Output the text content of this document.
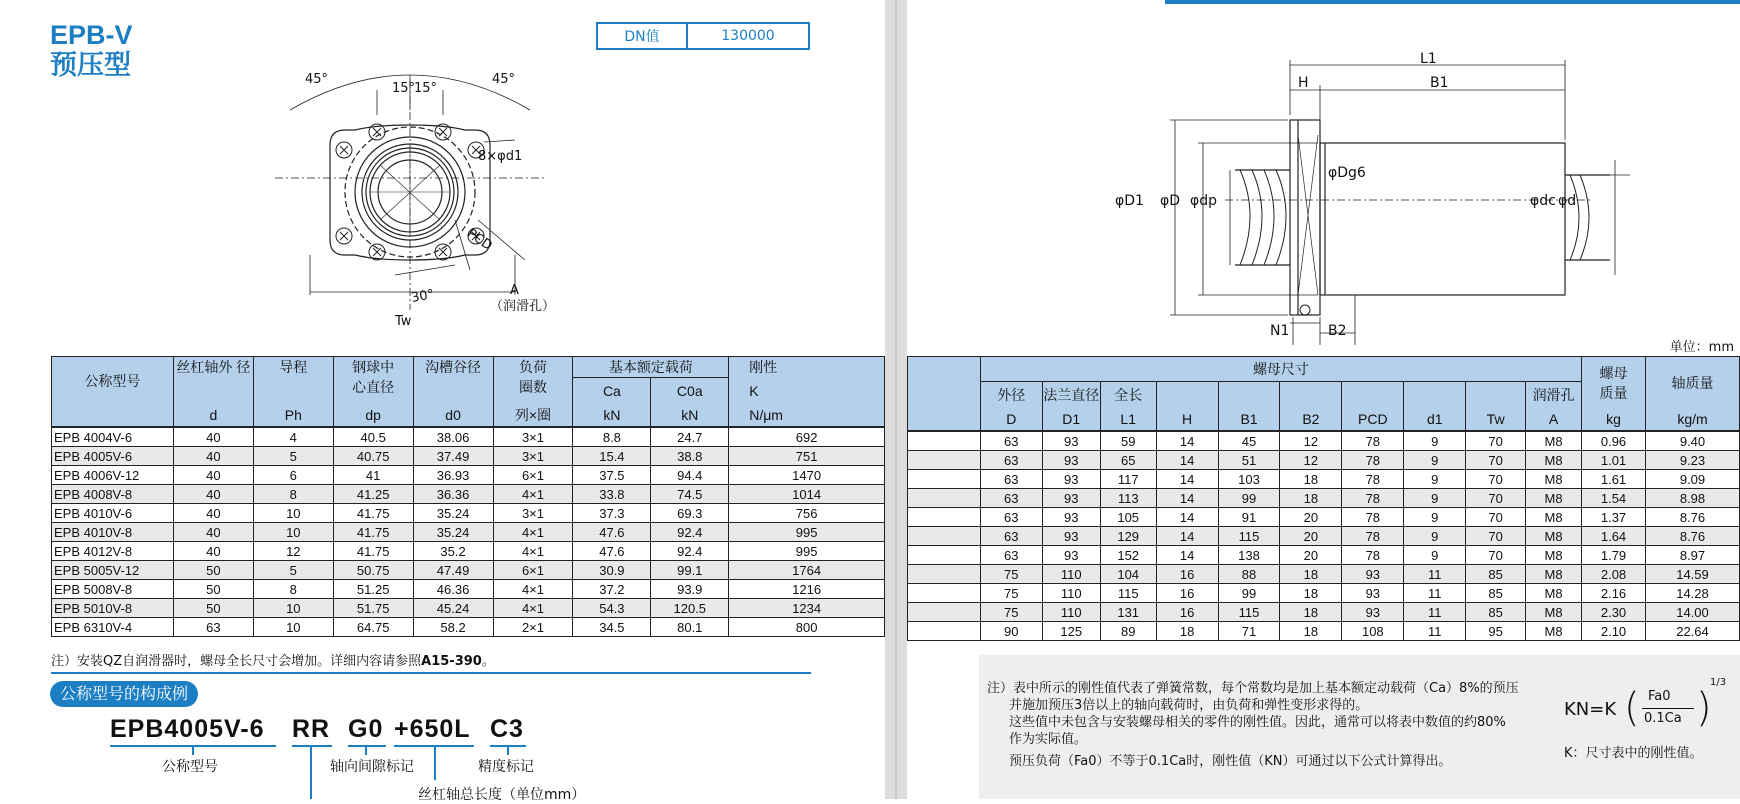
EPB-V
预压型
DN值	130000
45°
15°
15°
45°
8×φd1
PCD
30°	A
（润滑孔）
Tw
公称型号	丝杠轴外 径	导程	钢球中心直径	沟槽谷径	负荷圈数	基本额定载荷		刚性
						Ca	C0a	K
	d	Ph	dp	d0	列×圈	kN	kN	N/μm
EPB 4004V-6	40	4	40.5	38.06	3×1	8.8	24.7	692
EPB 4005V-6	40	5	40.75	37.49	3×1	15.4	38.8	751
EPB 4006V-12	40	6	41	36.93	6×1	37.5	94.4	1470
EPB 4008V-8	40	8	41.25	36.36	4×1	33.8	74.5	1014
EPB 4010V-6	40	10	41.75	35.24	3×1	37.3	69.3	756
EPB 4010V-8	40	10	41.75	35.24	4×1	47.6	92.4	995
EPB 4012V-8	40	12	41.75	35.2	4×1	47.6	92.4	995
EPB 5005V-12	50	5	50.75	47.49	6×1	30.9	99.1	1764
EPB 5008V-8	50	8	51.25	46.36	4×1	37.2	93.9	1216
EPB 5010V-8	50	10	51.75	45.24	4×1	54.3	120.5	1234
EPB 6310V-4	63	10	64.75	58.2	2×1	34.5	80.1	800
注）安装QZ自润滑器时，螺母全长尺寸会增加。详细内容请参照A15-390。
公称型号的构成例
EPB4005V-6 RR G0 +650L C3
公称型号	轴向间隙标记	精度标记
丝杠轴总长度（单位mm）
L1
H	B1
φD1 φD φdp
φDg6
φdc φd
N1	B2
单位：mm
	螺母尺寸										螺母质量	轴质量
	外径	法兰直径	全长							润滑孔		
	D	D1	L1	H	B1	B2	PCD	d1	Tw	A	kg	kg/m
	63	93	59	14	45	12	78	9	70	M8	0.96	9.40
	63	93	65	14	51	12	78	9	70	M8	1.01	9.23
	63	93	117	14	103	18	78	9	70	M8	1.61	9.09
	63	93	113	14	99	18	78	9	70	M8	1.54	8.98
	63	93	105	14	91	20	78	9	70	M8	1.37	8.76
	63	93	129	14	115	20	78	9	70	M8	1.64	8.76
	63	93	152	14	138	20	78	9	70	M8	1.79	8.97
	75	110	104	16	88	18	93	11	85	M8	2.08	14.59
	75	110	115	16	99	18	93	11	85	M8	2.16	14.28
	75	110	131	16	115	18	93	11	85	M8	2.30	14.00
	90	125	89	18	71	18	108	11	95	M8	2.10	22.64
注）表中所示的刚性值代表了弹簧常数，每个常数均是加上基本额定动载荷（Ca）8%的预压
并施加预压3倍以上的轴向载荷时，由负荷和弹性变形求得的。
这些值中未包含与安装螺母相关的零件的刚性值。因此，通常可以将表中数值的约80%
作为实际值。
预压负荷（Fa0）不等于0.1Ca时，刚性值（KN）可通过以下公式计算得出。
KN=K ( Fa0
0.1Ca )
1/3
K：尺寸表中的刚性值。
